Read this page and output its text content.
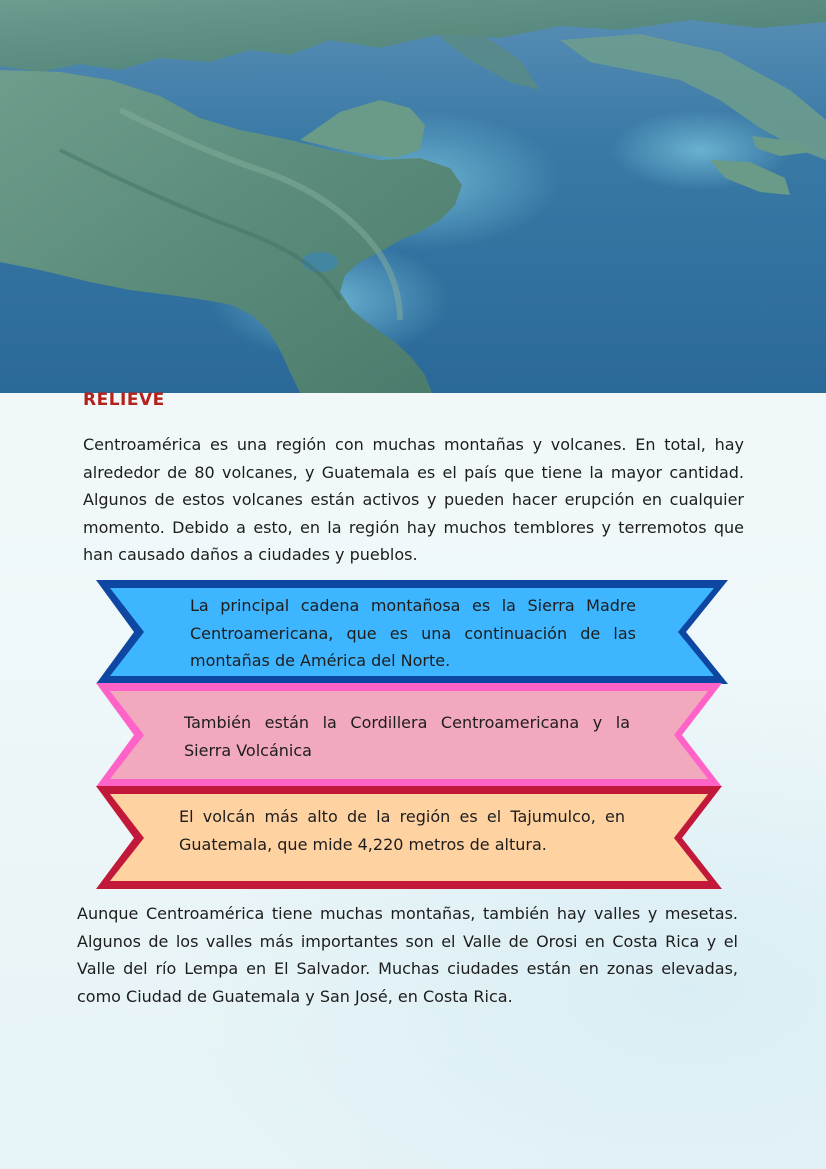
RELIEVE

Centroamérica es una región con muchas montañas y volcanes. En total, hay alrededor de 80 volcanes, y Guatemala es el país que tiene la mayor cantidad. Algunos de estos volcanes están activos y pueden hacer erupción en cualquier momento. Debido a esto, en la región hay muchos temblores y terremotos que han causado daños a ciudades y pueblos.

La principal cadena montañosa es la Sierra Madre Centroamericana, que es una continuación de las montañas de América del Norte.

También están la Cordillera Centroamericana y la Sierra Volcánica

El volcán más alto de la región es el Tajumulco, en Guatemala, que mide 4,220 metros de altura.

Aunque Centroamérica tiene muchas montañas, también hay valles y mesetas. Algunos de los valles más importantes son el Valle de Orosi en Costa Rica y el Valle del río Lempa en El Salvador. Muchas ciudades están en zonas elevadas, como Ciudad de Guatemala y San José, en Costa Rica.
